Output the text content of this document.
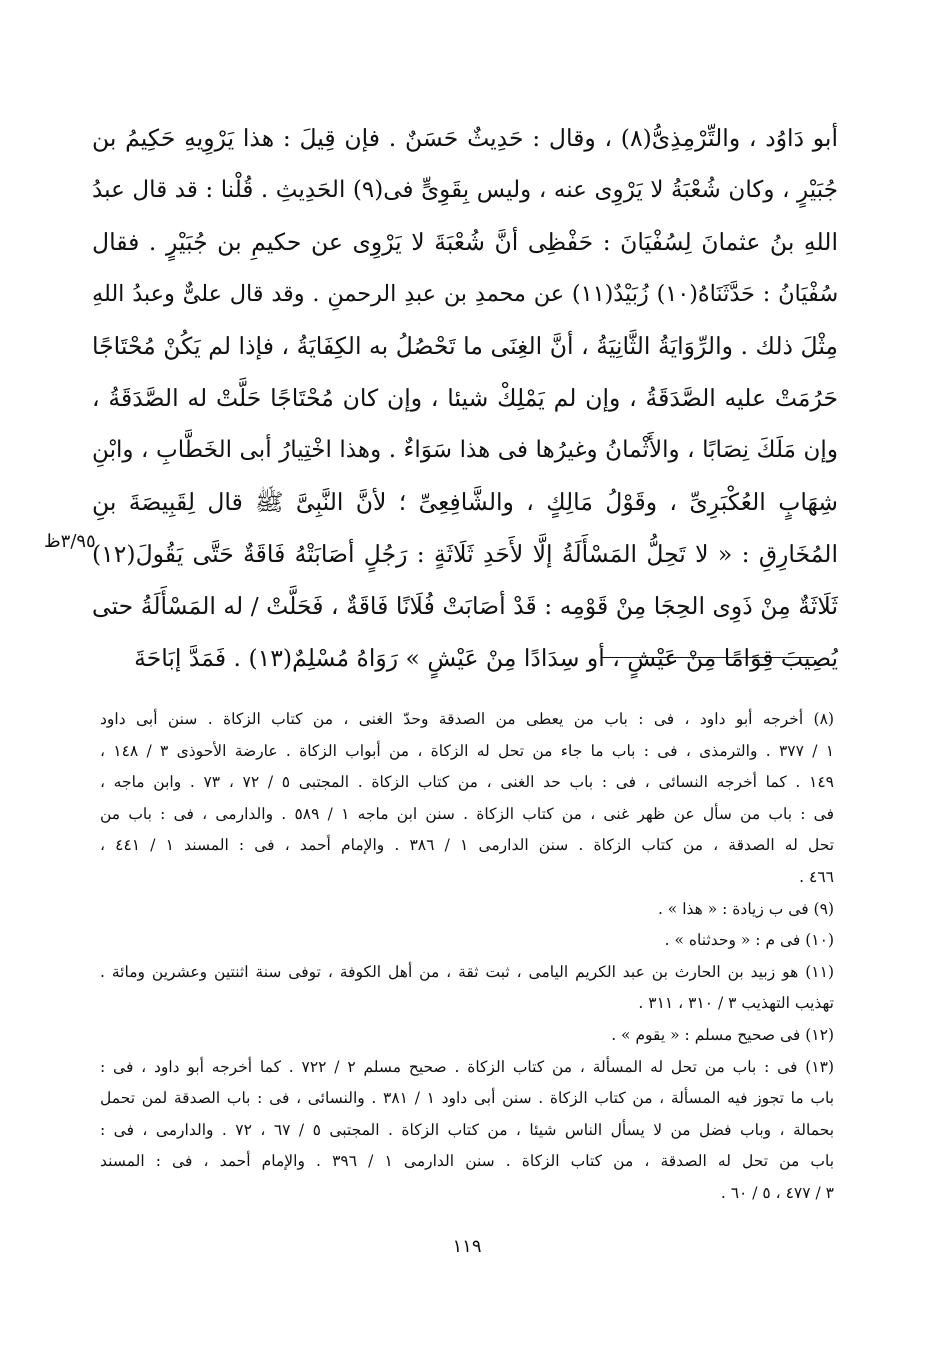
أبو دَاوُد ، والتِّرْمِذِىُّ(٨) ، وقال : حَدِيثٌ حَسَنٌ . فإن قِيلَ : هذا يَرْوِيهِ حَكِيمُ بن
جُبَيْرٍ ، وكان شُعْبَةُ لا يَرْوِى عنه ، وليس بِقَوِىٍّ فى(٩) الحَدِيثِ . قُلْنا : قد قال عبدُ
اللهِ بنُ عثمانَ لِسُفْيَانَ : حَفْظِى أنَّ شُعْبَةَ لا يَرْوِى عن حكيمِ بن جُبَيْرٍ . فقال
سُفْيَانُ : حَدَّثَنَاهُ(١٠) زُبَيْدٌ(١١) عن محمدِ بن عبدِ الرحمنِ . وقد قال علىٌّ وعبدُ اللهِ
مِثْلَ ذلك . والرِّوَايَةُ الثَّانِيَةُ ، أنَّ الغِنَى ما تَحْصُلُ به الكِفَايَةُ ، فإذا لم يَكُنْ مُحْتَاجًا
حَرُمَتْ عليه الصَّدَقَةُ ، وإن لم يَمْلِكْ شيئا ، وإن كان مُحْتَاجًا حَلَّتْ له الصَّدَقَةُ ،
وإن مَلَكَ نِصَابًا ، والأَثْمانُ وغيرُها فى هذا سَوَاءٌ . وهذا اخْتِيارُ أبى الخَطَّابِ ، وابْنِ
شِهَابٍ العُكْبَرِىِّ ، وقَوْلُ مَالِكٍ ، والشَّافِعِىِّ ؛ لأنَّ النَّبِىَّ ﷺ قال لِقَبِيصَةَ بنِ
المُخَارِقِ : « لا تَحِلُّ المَسْأَلَةُ إلَّا لأَحَدِ ثَلَاثَةٍ : رَجُلٍ أصَابَتْهُ فَاقَةٌ حَتَّى يَقُولَ(١٢)
ثَلَاثَةٌ مِنْ ذَوِى الحِجَا مِنْ قَوْمِه : قَدْ أصَابَتْ فُلَانًا فَاقَةٌ ، فَحَلَّتْ / له المَسْأَلَةُ حتى
يُصِيبَ قِوَامًا مِنْ عَيْشٍ ، أو سِدَادًا مِنْ عَيْشٍ » رَوَاهُ مُسْلِمٌ(١٣) . فَمَدَّ إبَاحَةَ
٣/٩٥ظ
(٨) أخرجه أبو داود ، فى : باب من يعطى من الصدقة وحدّ الغنى ، من كتاب الزكاة . سنن أبى داود
١ / ٣٧٧ . والترمذى ، فى : باب ما جاء من تحل له الزكاة ، من أبواب الزكاة . عارضة الأحوذى ٣ / ١٤٨ ،
١٤٩ . كما أخرجه النسائى ، فى : باب حد الغنى ، من كتاب الزكاة . المجتبى ٥ / ٧٢ ، ٧٣ . وابن ماجه ،
فى : باب من سأل عن ظهر غنى ، من كتاب الزكاة . سنن ابن ماجه ١ / ٥٨٩ . والدارمى ، فى : باب من
تحل له الصدقة ، من كتاب الزكاة . سنن الدارمى ١ / ٣٨٦ . والإمام أحمد ، فى : المسند ١ / ٤٤١ ،
٤٦٦ .
(٩) فى ب زيادة : « هذا » .
(١٠) فى م : « وحدثناه » .
(١١) هو زبيد بن الحارث بن عبد الكريم اليامى ، ثبت ثقة ، من أهل الكوفة ، توفى سنة اثنتين وعشرين ومائة .
تهذيب التهذيب ٣ / ٣١٠ ، ٣١١ .
(١٢) فى صحيح مسلم : « يقوم » .
(١٣) فى : باب من تحل له المسألة ، من كتاب الزكاة . صحيح مسلم ٢ / ٧٢٢ . كما أخرجه أبو داود ، فى :
باب ما تجوز فيه المسألة ، من كتاب الزكاة . سنن أبى داود ١ / ٣٨١ . والنسائى ، فى : باب الصدقة لمن تحمل
بحمالة ، وباب فضل من لا يسأل الناس شيئا ، من كتاب الزكاة . المجتبى ٥ / ٦٧ ، ٧٢ . والدارمى ، فى :
باب من تحل له الصدقة ، من كتاب الزكاة . سنن الدارمى ١ / ٣٩٦ . والإمام أحمد ، فى : المسند
٣ / ٤٧٧ ، ٥ / ٦٠ .
١١٩
